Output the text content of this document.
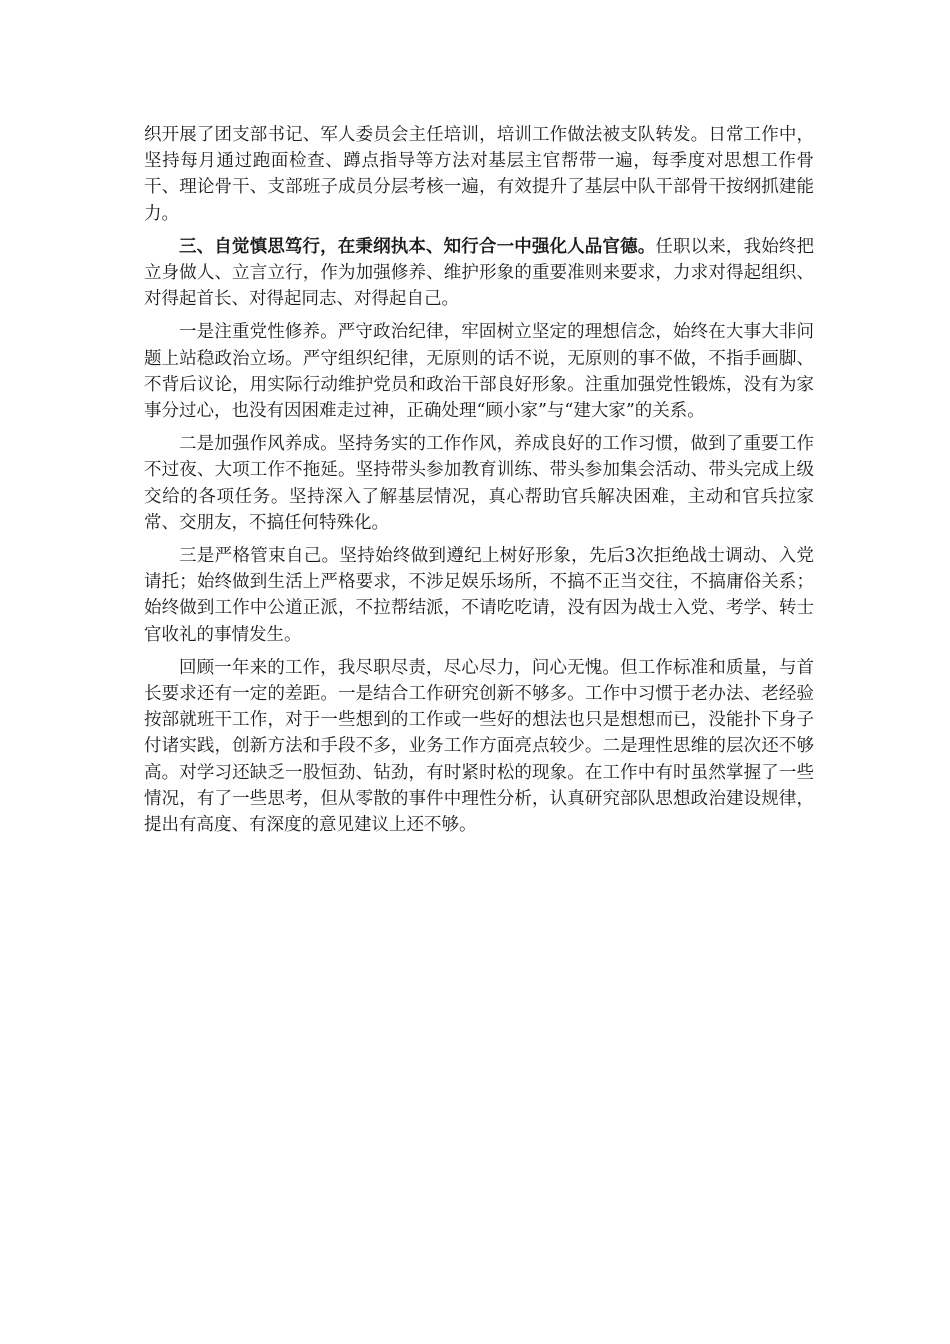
织开展了团支部书记、军人委员会主任培训，培训工作做法被支队转发。日常工作中，坚持每月通过跑面检查、蹲点指导等方法对基层主官帮带一遍，每季度对思想工作骨干、理论骨干、支部班子成员分层考核一遍，有效提升了基层中队干部骨干按纲抓建能力。

三、自觉慎思笃行，在秉纲执本、知行合一中强化人品官德。任职以来，我始终把立身做人、立言立行，作为加强修养、维护形象的重要准则来要求，力求对得起组织、对得起首长、对得起同志、对得起自己。

一是注重党性修养。严守政治纪律，牢固树立坚定的理想信念，始终在大事大非问题上站稳政治立场。严守组织纪律，无原则的话不说，无原则的事不做，不指手画脚、不背后议论，用实际行动维护党员和政治干部良好形象。注重加强党性锻炼，没有为家事分过心，也没有因困难走过神，正确处理“顾小家”与“建大家”的关系。

二是加强作风养成。坚持务实的工作作风，养成良好的工作习惯，做到了重要工作不过夜、大项工作不拖延。坚持带头参加教育训练、带头参加集会活动、带头完成上级交给的各项任务。坚持深入了解基层情况，真心帮助官兵解决困难，主动和官兵拉家常、交朋友，不搞任何特殊化。

三是严格管束自己。坚持始终做到遵纪上树好形象，先后3次拒绝战士调动、入党请托；始终做到生活上严格要求，不涉足娱乐场所，不搞不正当交往，不搞庸俗关系；始终做到工作中公道正派，不拉帮结派，不请吃吃请，没有因为战士入党、考学、转士官收礼的事情发生。

回顾一年来的工作，我尽职尽责，尽心尽力，问心无愧。但工作标准和质量，与首长要求还有一定的差距。一是结合工作研究创新不够多。工作中习惯于老办法、老经验按部就班干工作，对于一些想到的工作或一些好的想法也只是想想而已，没能扑下身子付诸实践，创新方法和手段不多，业务工作方面亮点较少。二是理性思维的层次还不够高。对学习还缺乏一股恒劲、钻劲，有时紧时松的现象。在工作中有时虽然掌握了一些情况，有了一些思考，但从零散的事件中理性分析，认真研究部队思想政治建设规律，提出有高度、有深度的意见建议上还不够。
